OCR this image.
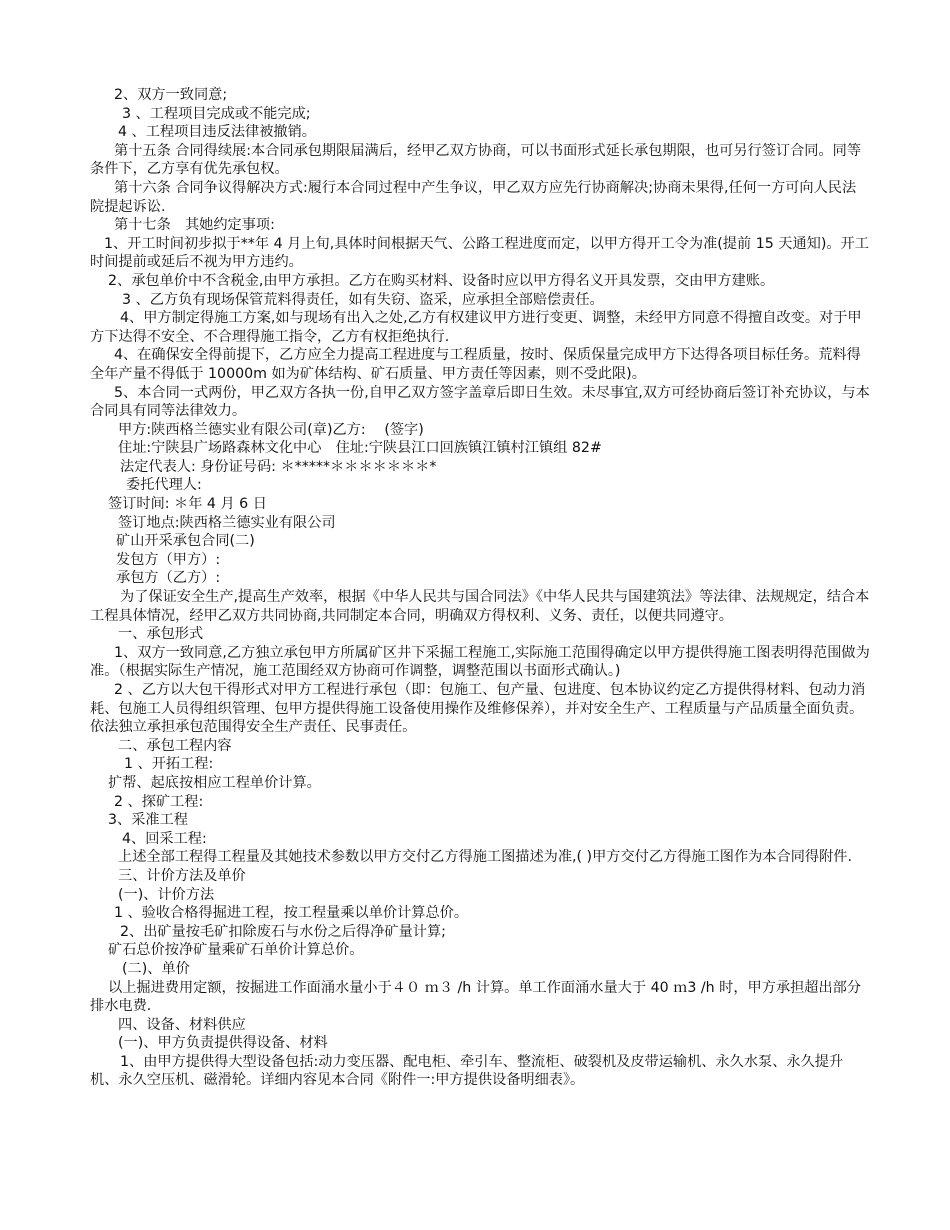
2、双方一致同意;

3 、工程项目完成或不能完成;

4 、工程项目违反法律被撤销。

第十五条 合同得续展:本合同承包期限届满后，经甲乙双方协商，可以书面形式延长承包期限，也可另行签订合同。同等条件下，乙方享有优先承包权。

第十六条 合同争议得解决方式:履行本合同过程中产生争议，甲乙双方应先行协商解决;协商未果得,任何一方可向人民法院提起诉讼.

第十七条　其她约定事项:

1、开工时间初步拟于**年 4 月上旬,具体时间根据天气、公路工程进度而定，以甲方得开工令为准(提前 15 天通知)。开工时间提前或延后不视为甲方违约。

2、承包单价中不含税金,由甲方承担。乙方在购买材料、设备时应以甲方得名义开具发票，交由甲方建账。

3 、乙方负有现场保管荒料得责任，如有失窃、盗采，应承担全部赔偿责任。

4、甲方制定得施工方案,如与现场有出入之处,乙方有权建议甲方进行变更、调整，未经甲方同意不得擅自改变。对于甲方下达得不安全、不合理得施工指令，乙方有权拒绝执行.

4、在确保安全得前提下，乙方应全力提高工程进度与工程质量，按时、保质保量完成甲方下达得各项目标任务。荒料得全年产量不得低于 10000m 如为矿体结构、矿石质量、甲方责任等因素，则不受此限)。

5、本合同一式两份，甲乙双方各执一份,自甲乙双方签字盖章后即日生效。未尽事宜,双方可经协商后签订补充协议，与本合同具有同等法律效力。

甲方:陕西格兰德实业有限公司(章)乙方:　 (签字)

住址:宁陕县广场路森林文化中心　住址:宁陕县江口回族镇江镇村江镇组 82#

法定代表人: 身份证号码: ＊*****＊＊＊＊＊＊＊*

委托代理人:

签订时间: ＊年 4 月 6 日

签订地点:陕西格兰德实业有限公司

矿山开采承包合同(二)

发包方（甲方）:

承包方（乙方）:

为了保证安全生产,提高生产效率，根据《中华人民共与国合同法》《中华人民共与国建筑法》等法律、法规规定，结合本工程具体情况，经甲乙双方共同协商,共同制定本合同，明确双方得权利、义务、责任，以便共同遵守。

一、承包形式

1、双方一致同意,乙方独立承包甲方所属矿区井下采掘工程施工,实际施工范围得确定以甲方提供得施工图表明得范围做为准。（根据实际生产情况，施工范围经双方协商可作调整，调整范围以书面形式确认。)

2 、乙方以大包干得形式对甲方工程进行承包（即：包施工、包产量、包进度、包本协议约定乙方提供得材料、包动力消耗、包施工人员得组织管理、包甲方提供得施工设备使用操作及维修保养），并对安全生产、工程质量与产品质量全面负责。依法独立承担承包范围得安全生产责任、民事责任。

二、承包工程内容

1 、开拓工程:

扩帮、起底按相应工程单价计算。

2 、探矿工程:

3、采准工程

4、回采工程:

上述全部工程得工程量及其她技术参数以甲方交付乙方得施工图描述为准,( )甲方交付乙方得施工图作为本合同得附件.

三、计价方法及单价

(一)、计价方法

1 、验收合格得掘进工程，按工程量乘以单价计算总价。

2、出矿量按毛矿扣除废石与水份之后得净矿量计算;

矿石总价按净矿量乘矿石单价计算总价。

(二)、单价

以上掘进费用定额，按掘进工作面涌水量小于４０ ｍ３ /h 计算。单工作面涌水量大于 40 ｍ3 /h 时，甲方承担超出部分排水电费.

四、设备、材料供应

(一)、甲方负责提供得设备、材料

1、由甲方提供得大型设备包括:动力变压器、配电柜、牵引车、整流柜、破裂机及皮带运输机、永久水泵、永久提升机、永久空压机、磁滑轮。详细内容见本合同《附件一:甲方提供设备明细表》。
